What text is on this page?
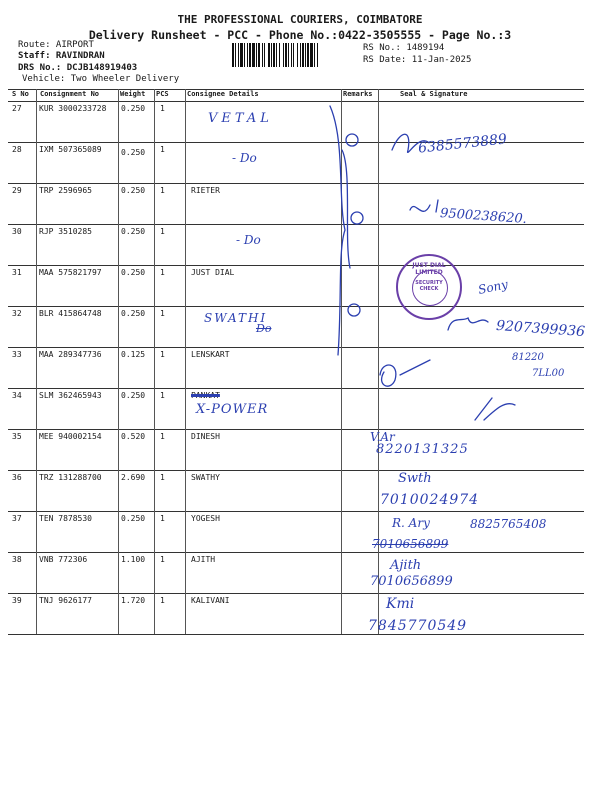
THE PROFESSIONAL COURIERS, COIMBATORE
Delivery Runsheet - PCC - Phone No.:0422-3505555 - Page No.:3
Route: AIRPORT
Staff: RAVINDRAN
DRS No.: DCJB148919403
Vehicle: Two Wheeler Delivery
RS No.: 1489194
RS Date: 11-Jan-2025
S No Consignment No	Weight PCS	Consignee Details	Remarks	Seal & Signature
27 KUR 3000233728 0.250 1
28 IXM 507365089 0.250 1
29 TRP 2596965	0.250 1	RIETER
30 RJP 3510285	0.250 1
31 MAA 575821797 0.250 1	JUST DIAL
32 BLR 415864748 0.250 1
33 MAA 289347736 0.125 1	LENSKART
34 SLM 362465943 0.250 1	PANKAT
35 MEE 940002154 0.520 1	DINESH
36 TRZ 131288700 2.690 1	SWATHY
37 TEN 7878530	0.250 1	YOGESH
38 VNB 772306	1.100 1	AJITH
39 TNJ 9626177	1.720 1	KALIVANI
JUST DIAL LIMITED
SECURITY CHECK
VETAL
- Do
6385573889
9500238620.
- Do
Sony
SWATHI
Do	9207399936
81220
7LL00
X-POWER
V.Ar
8220131325
Swth
7010024974
R. Ary	8825765408
7010656899
Ajith
7010656899
Kmi
7845770549
